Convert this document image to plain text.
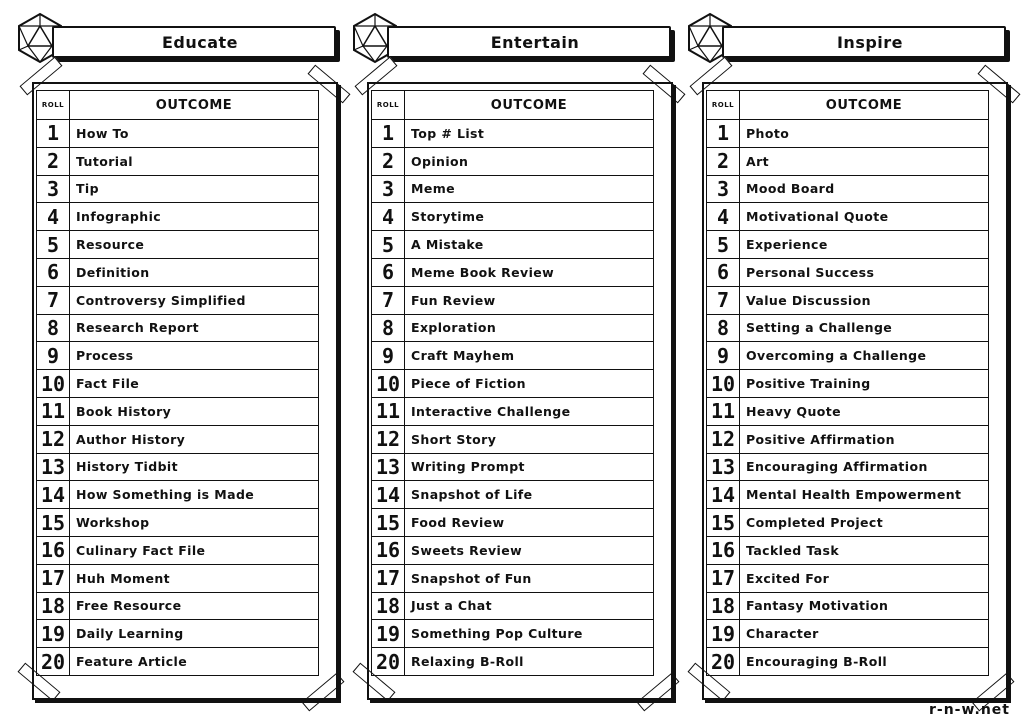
Educate
ROLL	OUTCOME
1	How To
2	Tutorial
3	Tip
4	Infographic
5	Resource
6	Definition
7	Controversy Simplified
8	Research Report
9	Process
10	Fact File
11	Book History
12	Author History
13	History Tidbit
14	How Something is Made
15	Workshop
16	Culinary Fact File
17	Huh Moment
18	Free Resource
19	Daily Learning
20	Feature Article
Entertain
ROLL	OUTCOME
1	Top # List
2	Opinion
3	Meme
4	Storytime
5	A Mistake
6	Meme Book Review
7	Fun Review
8	Exploration
9	Craft Mayhem
10	Piece of Fiction
11	Interactive Challenge
12	Short Story
13	Writing Prompt
14	Snapshot of Life
15	Food Review
16	Sweets Review
17	Snapshot of Fun
18	Just a Chat
19	Something Pop Culture
20	Relaxing B-Roll
Inspire
ROLL	OUTCOME
1	Photo
2	Art
3	Mood Board
4	Motivational Quote
5	Experience
6	Personal Success
7	Value Discussion
8	Setting a Challenge
9	Overcoming a Challenge
10	Positive Training
11	Heavy Quote
12	Positive Affirmation
13	Encouraging Affirmation
14	Mental Health Empowerment
15	Completed Project
16	Tackled Task
17	Excited For
18	Fantasy Motivation
19	Character
20	Encouraging B-Roll
r-n-w.net
